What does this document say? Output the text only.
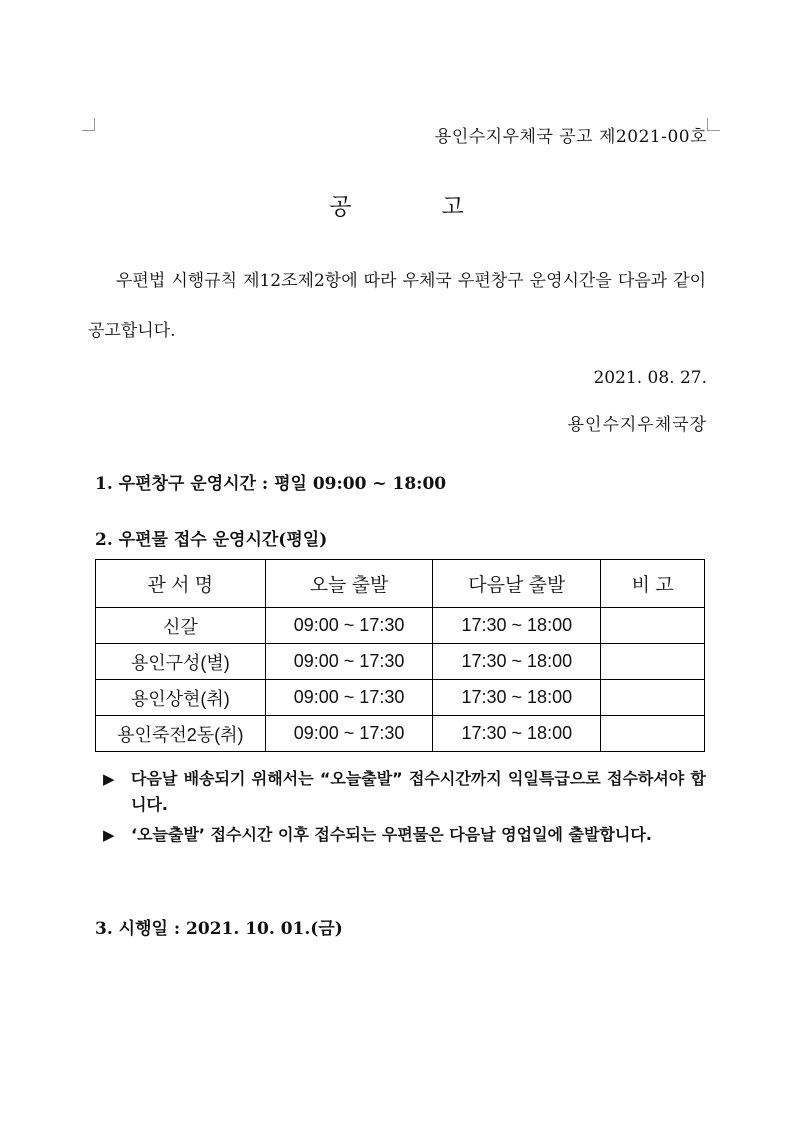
용인수지우체국 공고 제2021-00호
공고
우편법 시행규칙 제12조제2항에 따라 우체국 우편창구 운영시간을 다음과 같이 공고합니다.
2021. 08. 27.
용인수지우체국장
1. 우편창구 운영시간 : 평일 09:00 ~ 18:00
2. 우편물 접수 운영시간(평일)
관 서 명	오늘 출발	다음날 출발	비 고
신갈	09:00 ~ 17:30	17:30 ~ 18:00	
용인구성(별)	09:00 ~ 17:30	17:30 ~ 18:00	
용인상현(취)	09:00 ~ 17:30	17:30 ~ 18:00	
용인죽전2동(취)	09:00 ~ 17:30	17:30 ~ 18:00	
▶ 다음날 배송되기 위해서는 “오늘출발” 접수시간까지 익일특급으로 접수하셔야 합니다.
▶ ‘오늘출발’ 접수시간 이후 접수되는 우편물은 다음날 영업일에 출발합니다.
3. 시행일 : 2021. 10. 01.(금)
